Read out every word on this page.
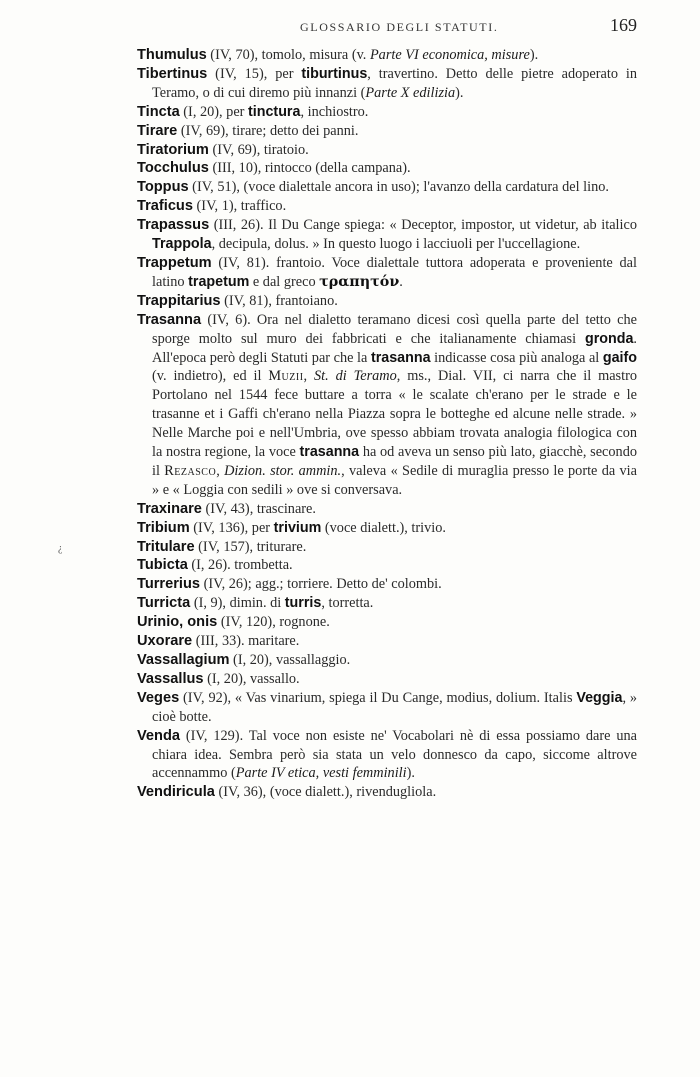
GLOSSARIO DEGLI STATUTI.	169
¿

Thumulus (IV, 70), tomolo, misura (v. Parte VI economica, misure).

Tibertinus (IV, 15), per tiburtinus, travertino. Detto delle pietre adoperato in Teramo, o di cui diremo più innanzi (Parte X edilizia).

Tincta (I, 20), per tinctura, inchiostro.

Tirare (IV, 69), tirare; detto dei panni.

Tiratorium (IV, 69), tiratoio.

Tocchulus (III, 10), rintocco (della campana).

Toppus (IV, 51), (voce dialettale ancora in uso); l'avanzo della cardatura del lino.

Traficus (IV, 1), traffico.

Trapassus (III, 26). Il Du Cange spiega: « Deceptor, impostor, ut videtur, ab italico Trappola, decipula, dolus. » In questo luogo i lacciuoli per l'uccellagione.

Trappetum (IV, 81). frantoio. Voce dialettale tuttora adoperata e proveniente dal latino trapetum e dal greco τραπητόν.

Trappitarius (IV, 81), frantoiano.

Trasanna (IV, 6). Ora nel dialetto teramano dicesi così quella parte del tetto che sporge molto sul muro dei fabbricati e che italianamente chiamasi gronda. All'epoca però degli Statuti par che la trasanna indicasse cosa più analoga al gaifo (v. indietro), ed il Muzii, St. di Teramo, ms., Dial. VII, ci narra che il mastro Portolano nel 1544 fece buttare a torra « le scalate ch'erano per le strade e le trasanne et i Gaffi ch'erano nella Piazza sopra le botteghe ed alcune nelle strade. » Nelle Marche poi e nell'Umbria, ove spesso abbiam trovata analogia filologica con la nostra regione, la voce trasanna ha od aveva un senso più lato, giacchè, secondo il Rezasco, Dizion. stor. ammin., valeva « Sedile di muraglia presso le porte da via » e « Loggia con sedili » ove si conversava.

Traxinare (IV, 43), trascinare.

Tribium (IV, 136), per trivium (voce dialett.), trivio.

Tritulare (IV, 157), triturare.

Tubicta (I, 26). trombetta.

Turrerius (IV, 26); agg.; torriere. Detto de' colombi.

Turricta (I, 9), dimin. di turris, torretta.

Urinio, onis (IV, 120), rognone.

Uxorare (III, 33). maritare.

Vassallagium (I, 20), vassallaggio.

Vassallus (I, 20), vassallo.

Veges (IV, 92), « Vas vinarium, spiega il Du Cange, modius, dolium. Italis Veggia, » cioè botte.

Venda (IV, 129). Tal voce non esiste ne' Vocabolari nè di essa possiamo dare una chiara idea. Sembra però sia stata un velo donnesco da capo, siccome altrove accennammo (Parte IV etica, vesti femminili).

Vendiricula (IV, 36), (voce dialett.), rivendugliola.
